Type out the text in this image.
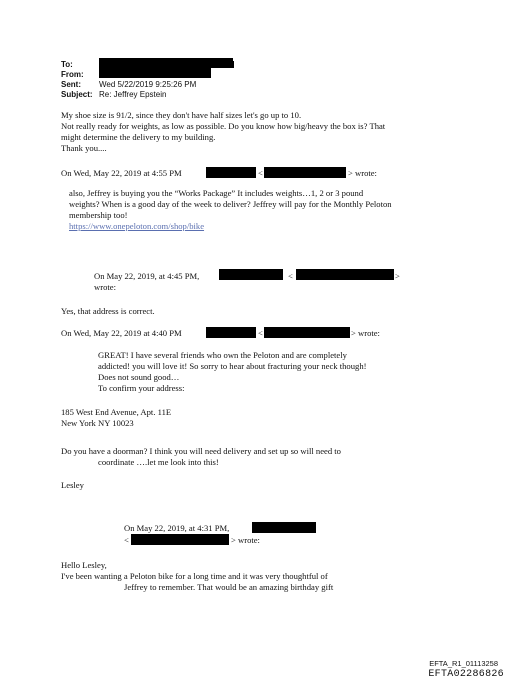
To:
From:
Sent: Wed 5/22/2019 9:25:26 PM
Subject: Re: Jeffrey Epstein
My shoe size is 91/2, since they don't have half sizes let's go up to 10.
Not really ready for weights, as low as possible. Do you know how big/heavy the box is? That
might determine the delivery to my building.
Thank you....
On Wed, May 22, 2019 at 4:55 PM	<	> wrote:
also, Jeffrey is buying you the “Works Package” It includes weights…1, 2 or 3 pound
weights? When is a good day of the week to deliver? Jeffrey will pay for the Monthly Peloton
membership too!
https://www.onepeloton.com/shop/bike
On May 22, 2019, at 4:45 PM,	<	>
wrote:
Yes, that address is correct.
On Wed, May 22, 2019 at 4:40 PM	<	> wrote:
GREAT! I have several friends who own the Peloton and are completely
addicted! you will love it! So sorry to hear about fracturing your neck though!
Does not sound good…
To confirm your address:
185 West End Avenue, Apt. 11E
New York NY 10023
Do you have a doorman? I think you will need delivery and set up so will need to
coordinate ….let me look into this!
Lesley
On May 22, 2019, at 4:31 PM,
<	> wrote:
Hello Lesley,
I've been wanting a Peloton bike for a long time and it was very thoughtful of
Jeffrey to remember. That would be an amazing birthday gift
EFTA_R1_01113258
EFTA02286826
